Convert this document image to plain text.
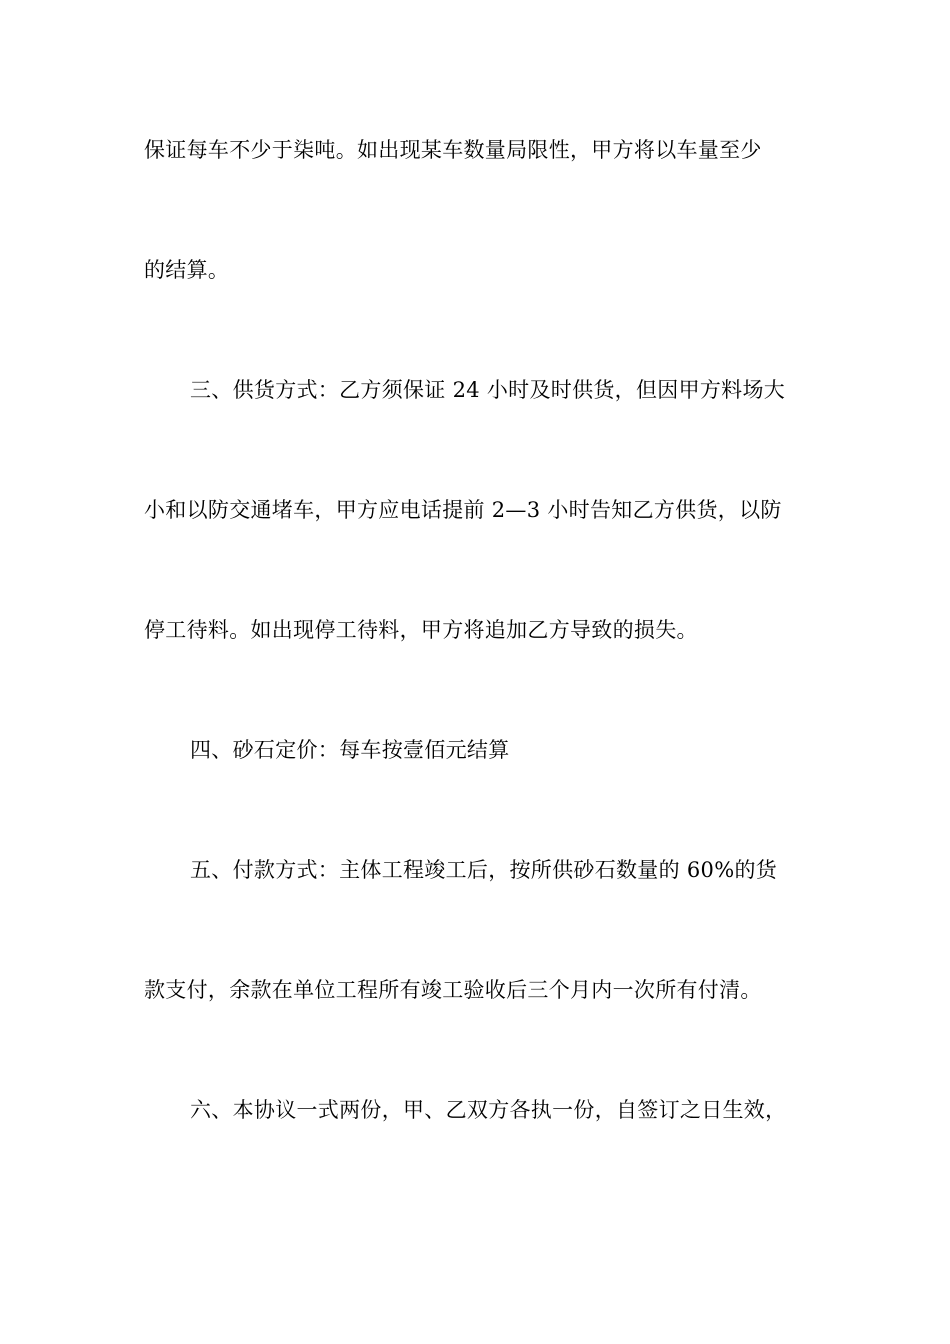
保证每车不少于柒吨。如出现某车数量局限性，甲方将以车量至少
的结算。
三、供货方式：乙方须保证 24 小时及时供货，但因甲方料场大
小和以防交通堵车，甲方应电话提前 2—3 小时告知乙方供货，以防
停工待料。如出现停工待料，甲方将追加乙方导致的损失。
四、砂石定价：每车按壹佰元结算
五、付款方式：主体工程竣工后，按所供砂石数量的 60%的货
款支付，余款在单位工程所有竣工验收后三个月内一次所有付清。
六、本协议一式两份，甲、乙双方各执一份，自签订之日生效，
